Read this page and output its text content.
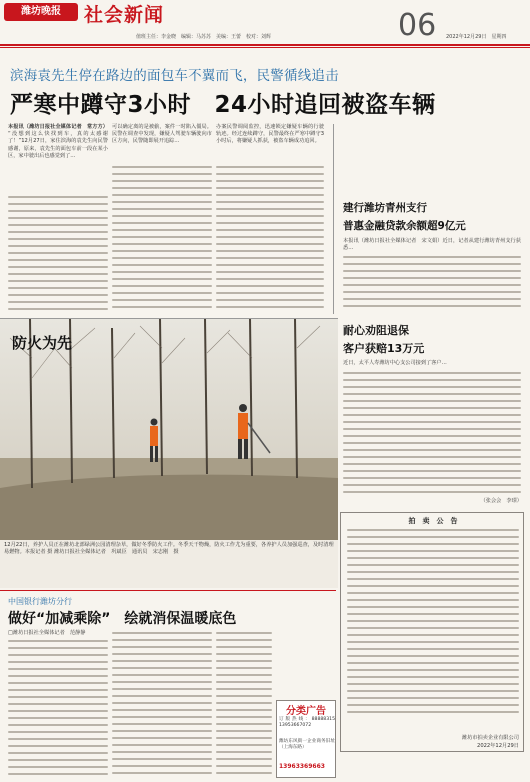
潍坊晚报	社会新闻
值班主任：李金晓　编辑：马苏苏　美编：王蕾　校对：刘辉	06 2022年12月29日　星期四
滨海袁先生停在路边的面包车不翼而飞，民警循线追击
严寒中蹲守3小时　24小时追回被盗车辆
本报讯（潍坊日报社全媒体记者　常方方） “没想到这么快找到车，真的太感谢了！”12月27日，家住滨海的袁先生向民警感谢，原来，袁先生的面包车前一段在某小区，家中驶出后也感觉到了…
可以确定离的是被偷，案件一时陷入僵局。民警在调查中发现，嫌疑人驾驶车辆驶向市区方向，民警随即展开追踪…
办案民警调阅监控，迅速锁定嫌疑车辆的行驶轨迹。经过连续蹲守，民警最终在严寒中蹲守3小时后，将嫌疑人抓获，被盗车辆成功追回。
建行潍坊青州支行
普惠金融贷款余额超9亿元
本报讯（潍坊日报社全媒体记者　宋文娟）近日，记者从建行潍坊青州支行获悉…
防火为先
耐心劝阻退保
客户获赔13万元
近日，太平人寿潍坊中心支公司接到了客户…
（张会会　李璟）
拍　卖　公　告
潍坊市拍卖企业有限公司
2022年12月29日
12月22日，养护人员正在潍坊北部绿洲公园清理杂草，做好冬季防火工作。冬季天干物燥，防火工作尤为重要，各养护人员加强巡查，及时清理易燃物。本报记者 摄 潍坊日报社全媒体记者　巩斌臣　通讯员　宋志刚　摄
中国银行潍坊分行
做好“加减乘除”　绘就消保温暖底色
□潍坊日报社全媒体记者　范静静
分类广告
订版热线：88888315　13953667072
潍坊东风街一企业商务旧址（上海东路）
13963369663
